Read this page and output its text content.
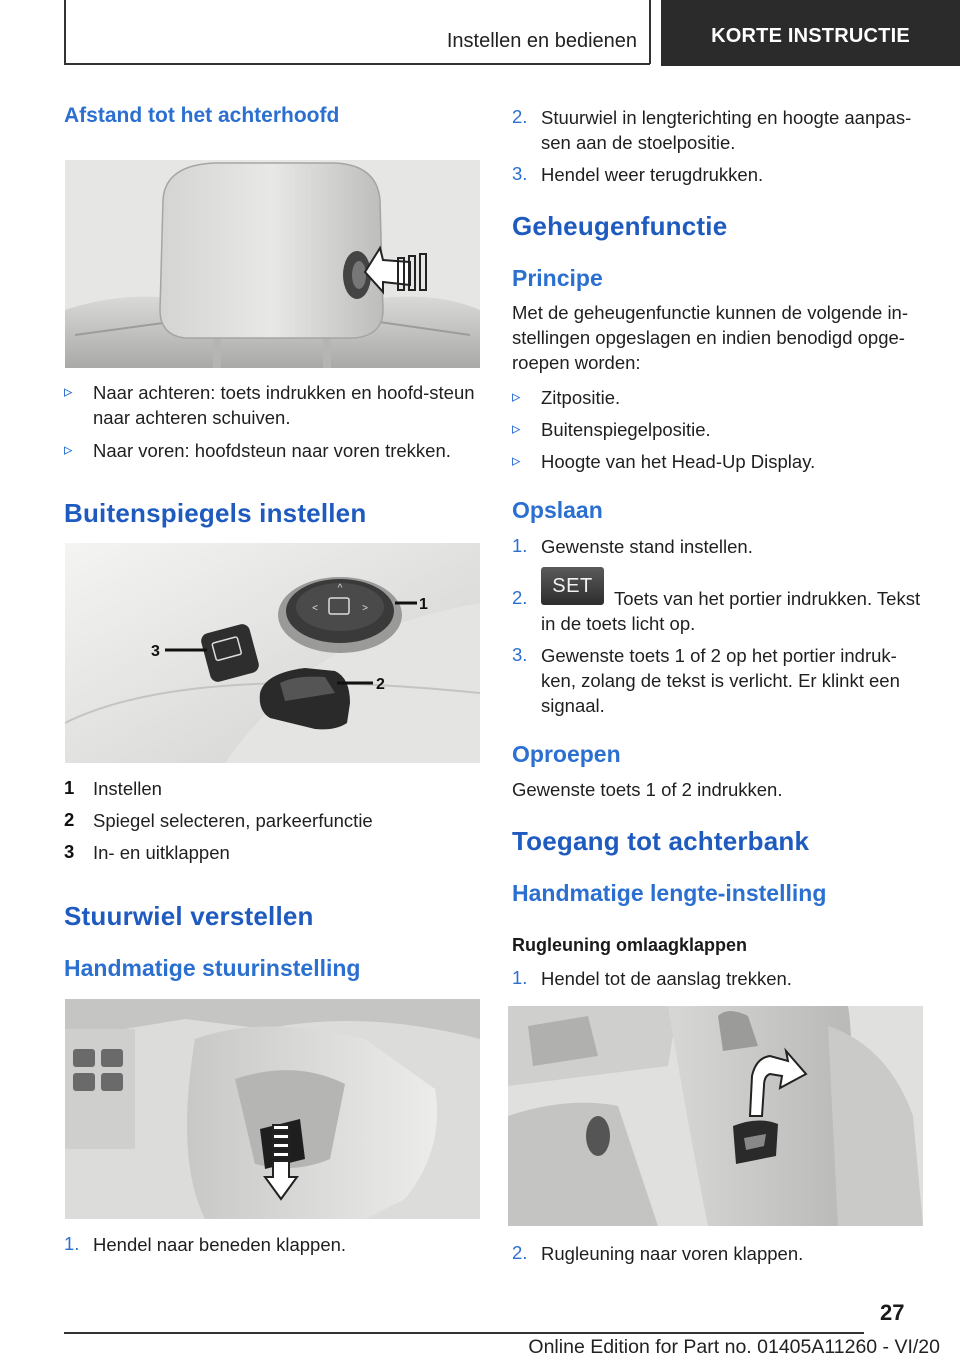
Instellen en bedienen	KORTE INSTRUCTIE
Afstand tot het achterhoofd
▹ Naar achteren: toets indrukken en hoofd-steun naar achteren schuiven.
▹ Naar voren: hoofdsteun naar voren trekken.
Buitenspiegels instellen
^
<	>	1
2
3
1 Instellen
2 Spiegel selecteren, parkeerfunctie
3 In- en uitklappen
Stuurwiel verstellen
Handmatige stuurinstelling
1. Hendel naar beneden klappen.
2. Stuurwiel in lengterichting en hoogte aanpas-sen aan de stoelpositie.
3. Hendel weer terugdrukken.
Geheugenfunctie
Principe
Met de geheugenfunctie kunnen de volgende in-stellingen opgeslagen en indien benodigd opge-roepen worden:
▹ Zitpositie.
▹ Buitenspiegelpositie.
▹ Hoogte van het Head-Up Display.
Opslaan
1. Gewenste stand instellen.
2.
SET
Toets van het portier indrukken. Tekst in de toets licht op.
3. Gewenste toets 1 of 2 op het portier indruk-ken, zolang de tekst is verlicht. Er klinkt een signaal.
Oproepen
Gewenste toets 1 of 2 indrukken.
Toegang tot achterbank
Handmatige lengte-instelling
Rugleuning omlaagklappen
1. Hendel tot de aanslag trekken.
2. Rugleuning naar voren klappen.
27
Online Edition for Part no. 01405A11260 - VI/20
